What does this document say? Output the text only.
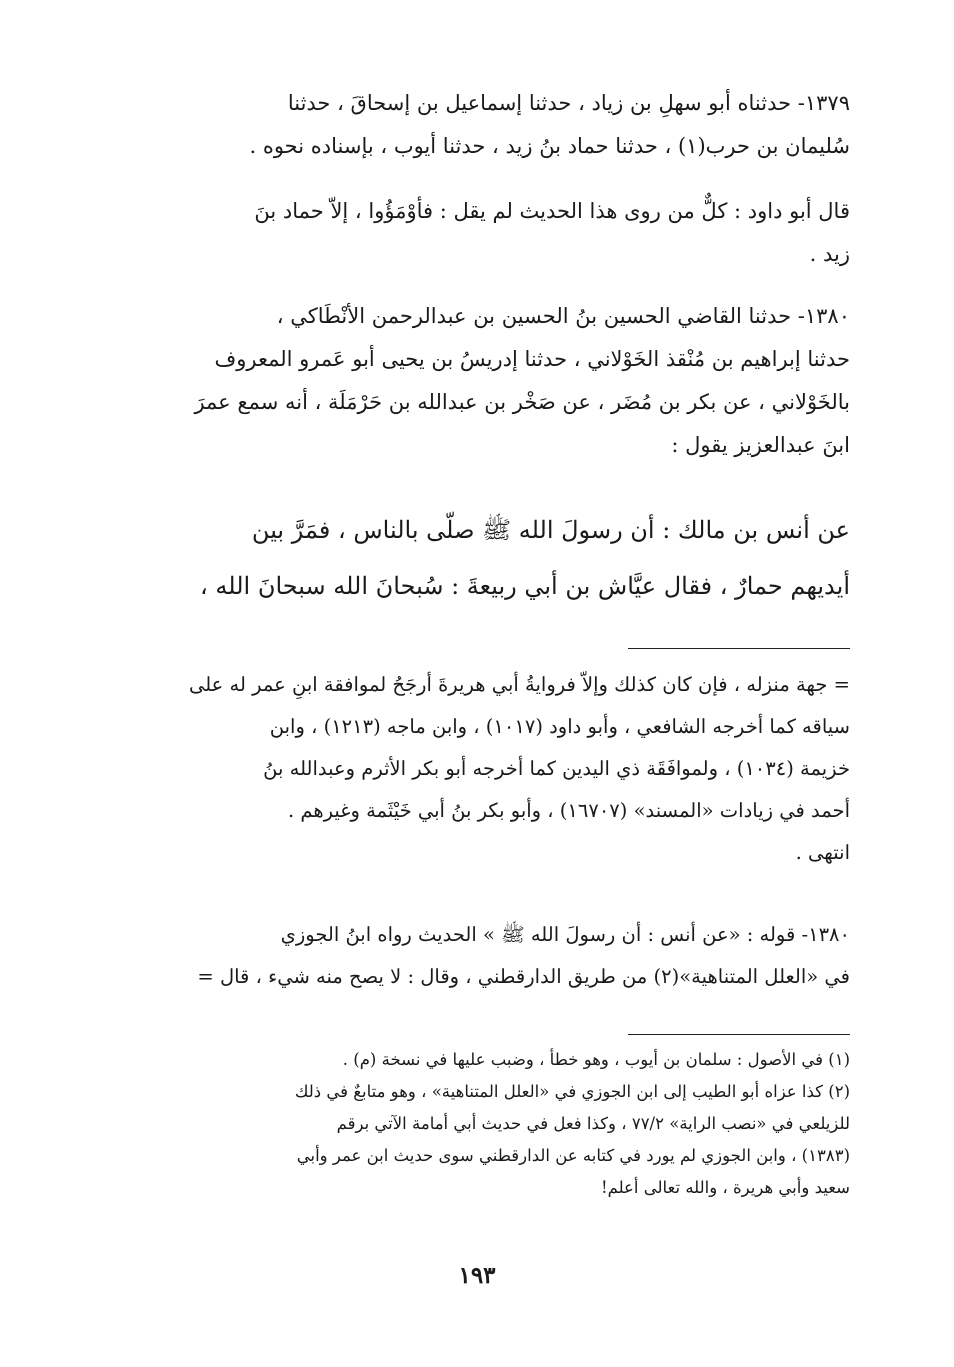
١٣٧٩- حدثناه أبو سهلِ بن زياد ، حدثنا إسماعيل بن إسحاقَ ، حدثنا
سُليمان بن حرب(١) ، حدثنا حماد بنُ زيد ، حدثنا أيوب ، بإسناده نحوه .
قال أبو داود : كلٌّ من روى هذا الحديث لم يقل : فأوْمَؤُوا ، إلاّ حماد بنَ
زيد .
١٣٨٠- حدثنا القاضي الحسين بنُ الحسين بن عبدالرحمن الأنْطَاكي ،
حدثنا إبراهيم بن مُنْقذ الخَوْلاني ، حدثنا إدريسُ بن يحيى أبو عَمرو المعروف
بالخَوْلاني ، عن بكر بن مُضَر ، عن صَخْر بن عبدالله بن حَرْمَلَة ، أنه سمع عمرَ
ابنَ عبدالعزيز يقول :
عن أنس بن مالك : أن رسولَ الله ﷺ صلّى بالناس ، فمَرَّ بين
أيديهم حمارٌ ، فقال عيَّاش بن أبي ربيعةَ : سُبحانَ الله سبحانَ الله ،
= جهة منزله ، فإن كان كذلك وإلاّ فروايةُ أبي هريرةَ أرجَحُ لموافقة ابنِ عمر له على
سياقه كما أخرجه الشافعي ، وأبو داود (١٠١٧) ، وابن ماجه (١٢١٣) ، وابن
خزيمة (١٠٣٤) ، ولموافَقَة ذي اليدين كما أخرجه أبو بكر الأثرم وعبدالله بنُ
أحمد في زيادات «المسند» (١٦٧٠٧) ، وأبو بكر بنُ أبي خَيْثَمة وغيرهم .
انتهى .
١٣٨٠- قوله : «عن أنس : أن رسولَ الله ﷺ » الحديث رواه ابنُ الجوزي
في «العلل المتناهية»(٢) من طريق الدارقطني ، وقال : لا يصح منه شيء ، قال =
(١) في الأصول : سلمان بن أيوب ، وهو خطأ ، وضبب عليها في نسخة (م) .
(٢) كذا عزاه أبو الطيب إلى ابن الجوزي في «العلل المتناهية» ، وهو متابعٌ في ذلك
للزيلعي في «نصب الراية» ٧٧/٢ ، وكذا فعل في حديث أبي أمامة الآتي برقم
(١٣٨٣) ، وابن الجوزي لم يورد في كتابه عن الدارقطني سوى حديث ابن عمر وأبي
سعيد وأبي هريرة ، والله تعالى أعلم!
١٩٣
